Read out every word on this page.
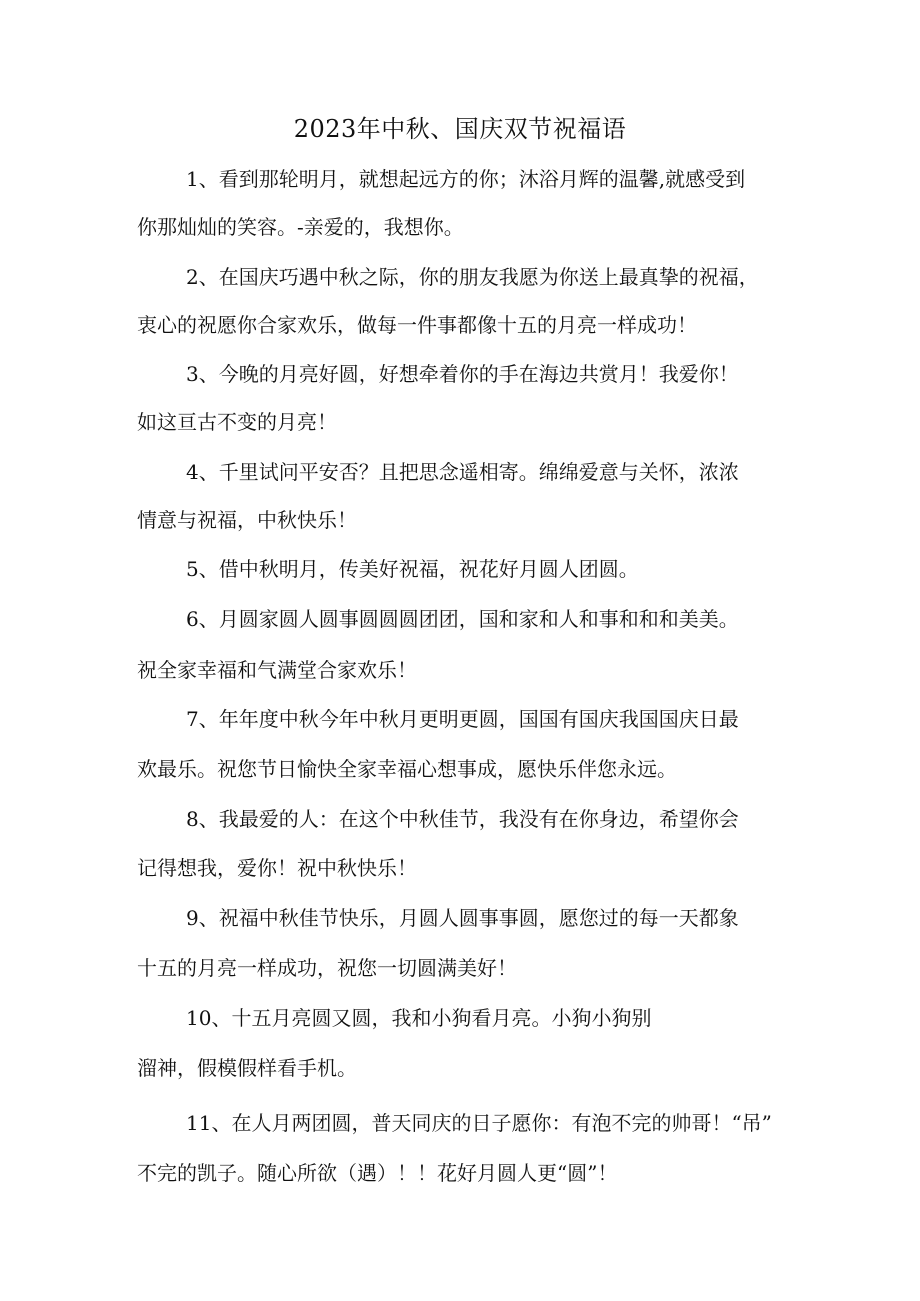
2023年中秋、国庆双节祝福语
1、看到那轮明月，就想起远方的你；沐浴月辉的温馨,就感受到
你那灿灿的笑容。-亲爱的，我想你。
2、在国庆巧遇中秋之际，你的朋友我愿为你送上最真挚的祝福，
衷心的祝愿你合家欢乐，做每一件事都像十五的月亮一样成功！
3、今晚的月亮好圆，好想牵着你的手在海边共赏月！我爱你！
如这亘古不变的月亮！
4、千里试问平安否？且把思念遥相寄。绵绵爱意与关怀，浓浓
情意与祝福，中秋快乐！
5、借中秋明月，传美好祝福，祝花好月圆人团圆。
6、月圆家圆人圆事圆圆圆团团，国和家和人和事和和和美美。
祝全家幸福和气满堂合家欢乐！
7、年年度中秋今年中秋月更明更圆，国国有国庆我国国庆日最
欢最乐。祝您节日愉快全家幸福心想事成，愿快乐伴您永远。
8、我最爱的人：在这个中秋佳节，我没有在你身边，希望你会
记得想我，爱你！祝中秋快乐！
9、祝福中秋佳节快乐，月圆人圆事事圆，愿您过的每一天都象
十五的月亮一样成功，祝您一切圆满美好！
10、十五月亮圆又圆，我和小狗看月亮。小狗小狗别
溜神，假模假样看手机。
11、在人月两团圆，普天同庆的日子愿你：有泡不完的帅哥！“吊”
不完的凯子。随心所欲（遇）！！花好月圆人更“圆”！
